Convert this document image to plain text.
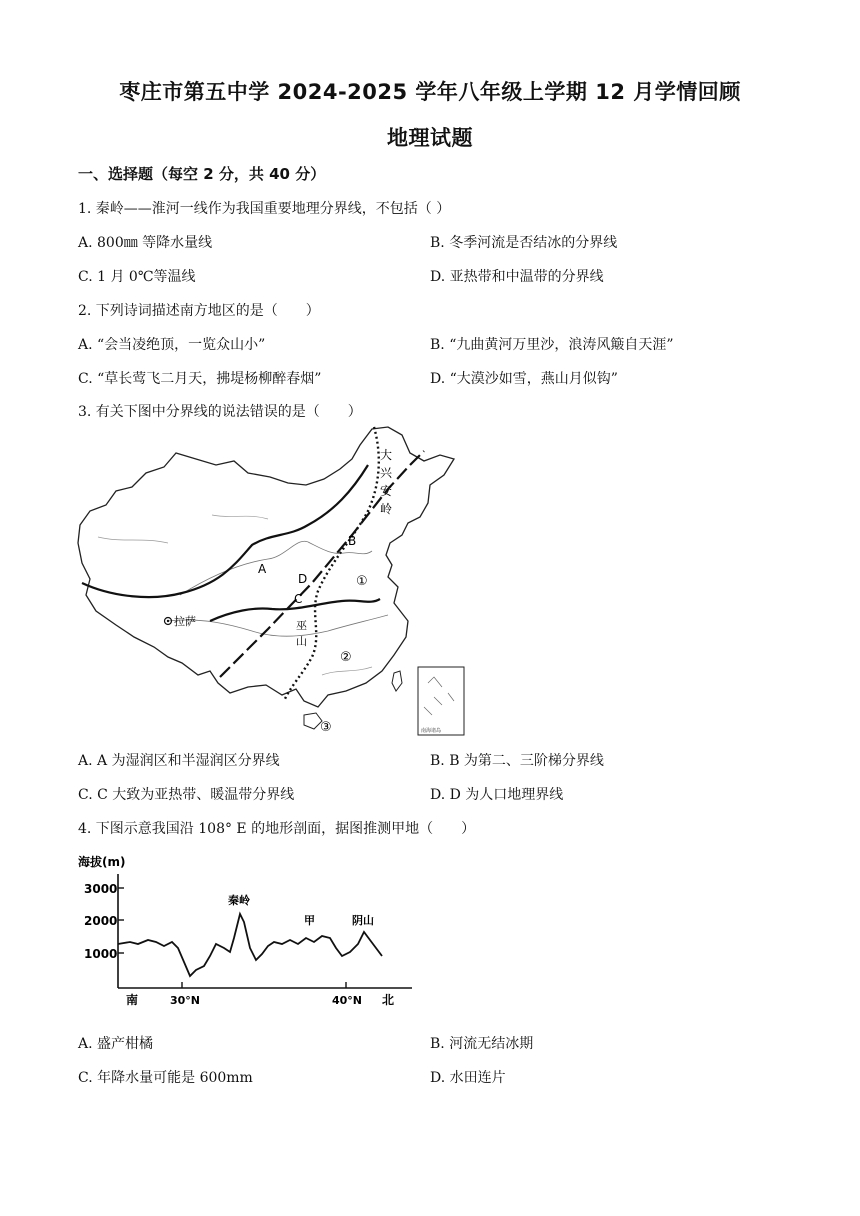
枣庄市第五中学 2024-2025 学年八年级上学期 12 月学情回顾
地理试题
一、选择题（每空 2 分，共 40 分）
1. 秦岭——淮河一线作为我国重要地理分界线，不包括（ ）
A. 800㎜ 等降水量线	B. 冬季河流是否结冰的分界线
C. 1 月 0℃等温线	D. 亚热带和中温带的分界线
2. 下列诗词描述南方地区的是（　　）
A. “会当凌绝顶，一览众山小”	B. “九曲黄河万里沙，浪涛风簸自天涯”
C. “草长莺飞二月天，拂堤杨柳醉春烟”	D. “大漠沙如雪，燕山月似钩”
3. 有关下图中分界线的说法错误的是（　　）
南海诸岛
大
兴
安
岭
A
B
C
D
拉萨	巫
山
①
②
③
A. A 为湿润区和半湿润区分界线	B. B 为第二、三阶梯分界线
C. C 大致为亚热带、暖温带分界线	D. D 为人口地理界线
4. 下图示意我国沿 108° E 的地形剖面，据图推测甲地（　　）
海拔(m)
3000
2000
1000
南	30°N	40°N 北
秦岭
甲	阴山
A. 盛产柑橘	B. 河流无结冰期
C. 年降水量可能是 600mm	D. 水田连片
